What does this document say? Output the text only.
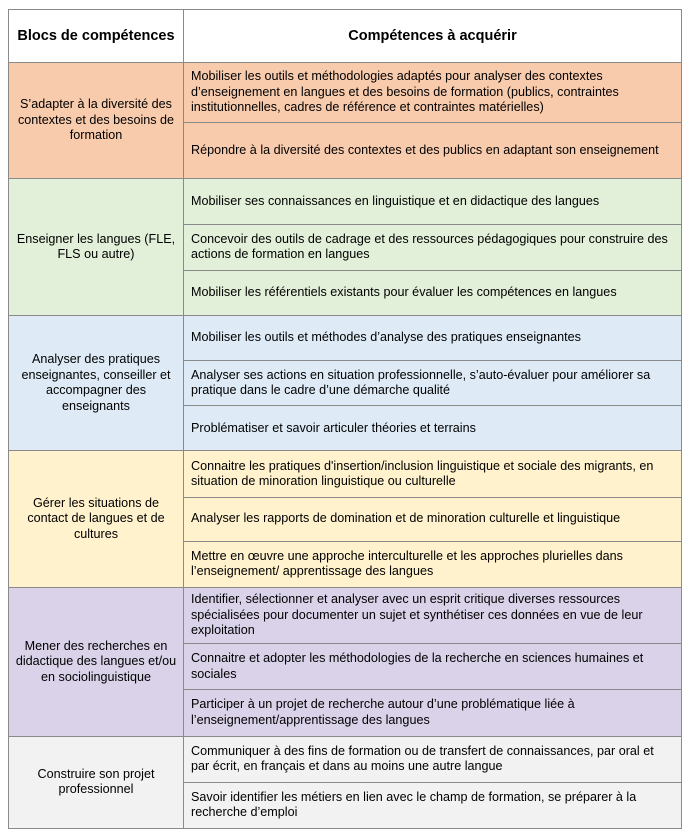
Blocs de compétences	Compétences à acquérir
S’adapter à la diversité des contextes et des besoins de formation	Mobiliser les outils et méthodologies adaptés pour analyser des contextes d’enseignement en langues et des besoins de formation (publics, contraintes institutionnelles, cadres de référence et contraintes matérielles)
	Répondre à la diversité des contextes et des publics en adaptant son enseignement
Enseigner les langues (FLE, FLS ou autre)	Mobiliser ses connaissances en linguistique et en didactique des langues
	Concevoir des outils de cadrage et des ressources pédagogiques pour construire des actions de formation en langues
	Mobiliser les référentiels existants pour évaluer les compétences en langues
Analyser des pratiques enseignantes, conseiller et accompagner des enseignants	Mobiliser les outils et méthodes d’analyse des pratiques enseignantes
	Analyser ses actions en situation professionnelle, s’auto-évaluer pour améliorer sa pratique dans le cadre d’une démarche qualité
	Problématiser et savoir articuler théories et terrains
Gérer les situations de contact de langues et de cultures	Connaitre les pratiques d'insertion/inclusion linguistique et sociale des migrants, en situation de minoration linguistique ou culturelle
	Analyser les rapports de domination et de minoration culturelle et linguistique
	Mettre en œuvre une approche interculturelle et les approches plurielles dans l’enseignement/ apprentissage des langues
Mener des recherches en didactique des langues et/ou en sociolinguistique	Identifier, sélectionner et analyser avec un esprit critique diverses ressources spécialisées pour documenter un sujet et synthétiser ces données en vue de leur exploitation
	Connaitre et adopter les méthodologies de la recherche en sciences humaines et sociales
	Participer à un projet de recherche autour d’une problématique liée à l’enseignement/apprentissage des langues
Construire son projet professionnel	Communiquer à des fins de formation ou de transfert de connaissances, par oral et par écrit, en français et dans au moins une autre langue
	Savoir identifier les métiers en lien avec le champ de formation, se préparer à la recherche d’emploi
